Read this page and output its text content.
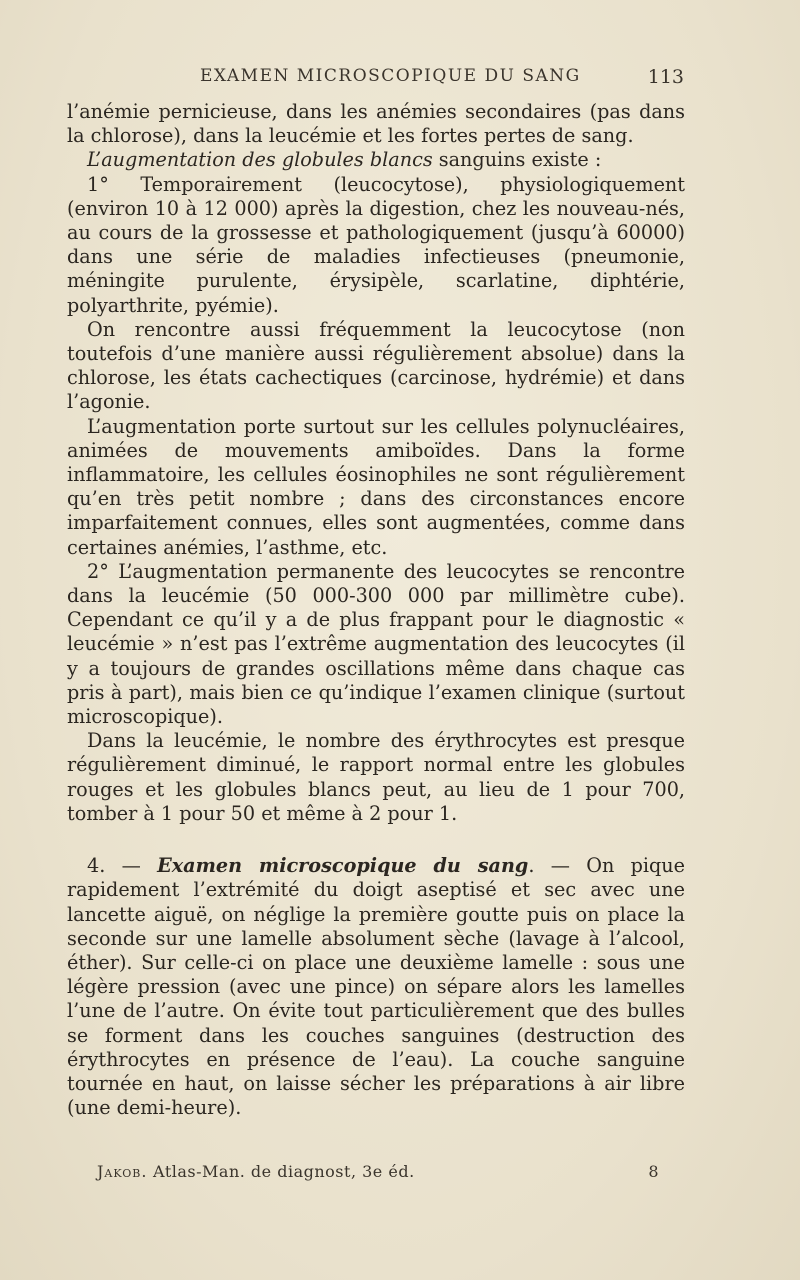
EXAMEN MICROSCOPIQUE DU SANG	113

l’anémie pernicieuse, dans les anémies secondaires (pas dans la chlorose), dans la leucémie et les fortes pertes de sang.

L’augmentation des globules blancs sanguins existe :

1° Temporairement (leucocytose), physiologiquement (environ 10 à 12 000) après la digestion, chez les nouveau-nés, au cours de la grossesse et pathologiquement (jusqu’à 60000) dans une série de maladies infectieuses (pneumonie, méningite purulente, érysipèle, scarlatine, diphtérie, polyarthrite, pyémie).

On rencontre aussi fréquemment la leucocytose (non toutefois d’une manière aussi régulièrement absolue) dans la chlorose, les états cachectiques (carcinose, hydrémie) et dans l’agonie.

L’augmentation porte surtout sur les cellules polynucléaires, animées de mouvements amiboïdes. Dans la forme inflammatoire, les cellules éosinophiles ne sont régulièrement qu’en très petit nombre ; dans des circonstances encore imparfaitement connues, elles sont augmentées, comme dans certaines anémies, l’asthme, etc.

2° L’augmentation permanente des leucocytes se rencontre dans la leucémie (50 000-300 000 par millimètre cube). Cependant ce qu’il y a de plus frappant pour le diagnostic « leucémie » n’est pas l’extrême augmentation des leucocytes (il y a toujours de grandes oscillations même dans chaque cas pris à part), mais bien ce qu’indique l’examen clinique (surtout microscopique).

Dans la leucémie, le nombre des érythrocytes est presque régulièrement diminué, le rapport normal entre les globules rouges et les globules blancs peut, au lieu de 1 pour 700, tomber à 1 pour 50 et même à 2 pour 1.

4. — Examen microscopique du sang. — On pique rapidement l’extrémité du doigt aseptisé et sec avec une lancette aiguë, on néglige la première goutte puis on place la seconde sur une lamelle absolument sèche (lavage à l’alcool, éther). Sur celle-ci on place une deuxième lamelle : sous une légère pression (avec une pince) on sépare alors les lamelles l’une de l’autre. On évite tout particulièrement que des bulles se forment dans les couches sanguines (destruction des érythrocytes en présence de l’eau). La couche sanguine tournée en haut, on laisse sécher les préparations à air libre (une demi-heure).

Jakob. Atlas-Man. de diagnost, 3e éd.	8
